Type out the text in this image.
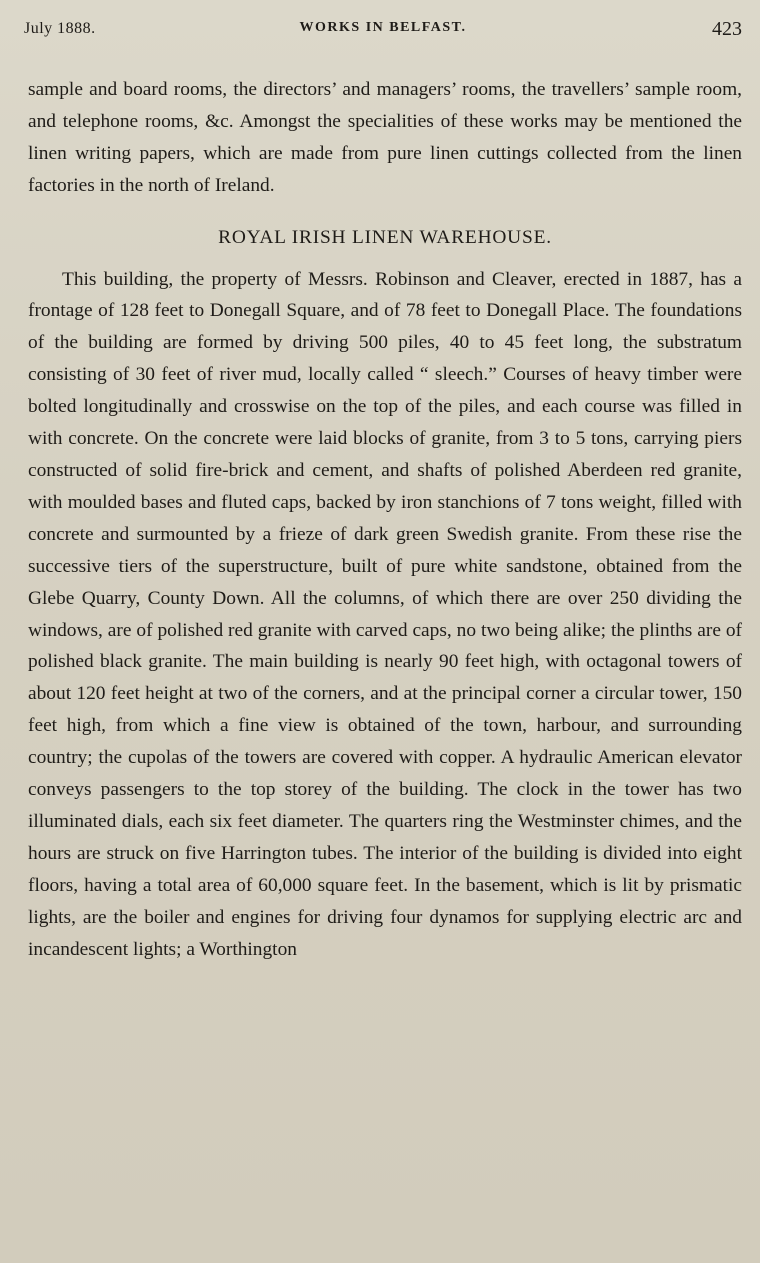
July 1888.	WORKS IN BELFAST.	423

sample and board rooms, the directors’ and managers’ rooms, the travellers’ sample room, and telephone rooms, &c. Amongst the specialities of these works may be mentioned the linen writing papers, which are made from pure linen cuttings collected from the linen factories in the north of Ireland.

ROYAL IRISH LINEN WAREHOUSE.

This building, the property of Messrs. Robinson and Cleaver, erected in 1887, has a frontage of 128 feet to Donegall Square, and of 78 feet to Donegall Place. The foundations of the building are formed by driving 500 piles, 40 to 45 feet long, the substratum consisting of 30 feet of river mud, locally called “ sleech.” Courses of heavy timber were bolted longitudinally and crosswise on the top of the piles, and each course was filled in with concrete. On the concrete were laid blocks of granite, from 3 to 5 tons, carrying piers constructed of solid fire-brick and cement, and shafts of polished Aberdeen red granite, with moulded bases and fluted caps, backed by iron stanchions of 7 tons weight, filled with concrete and surmounted by a frieze of dark green Swedish granite. From these rise the successive tiers of the superstructure, built of pure white sandstone, obtained from the Glebe Quarry, County Down. All the columns, of which there are over 250 dividing the windows, are of polished red granite with carved caps, no two being alike; the plinths are of polished black granite. The main building is nearly 90 feet high, with octagonal towers of about 120 feet height at two of the corners, and at the principal corner a circular tower, 150 feet high, from which a fine view is obtained of the town, harbour, and surrounding country; the cupolas of the towers are covered with copper. A hydraulic American elevator conveys passengers to the top storey of the building. The clock in the tower has two illuminated dials, each six feet diameter. The quarters ring the Westminster chimes, and the hours are struck on five Harrington tubes. The interior of the building is divided into eight floors, having a total area of 60,000 square feet. In the basement, which is lit by prismatic lights, are the boiler and engines for driving four dynamos for supplying electric arc and incandescent lights; a Worthington
